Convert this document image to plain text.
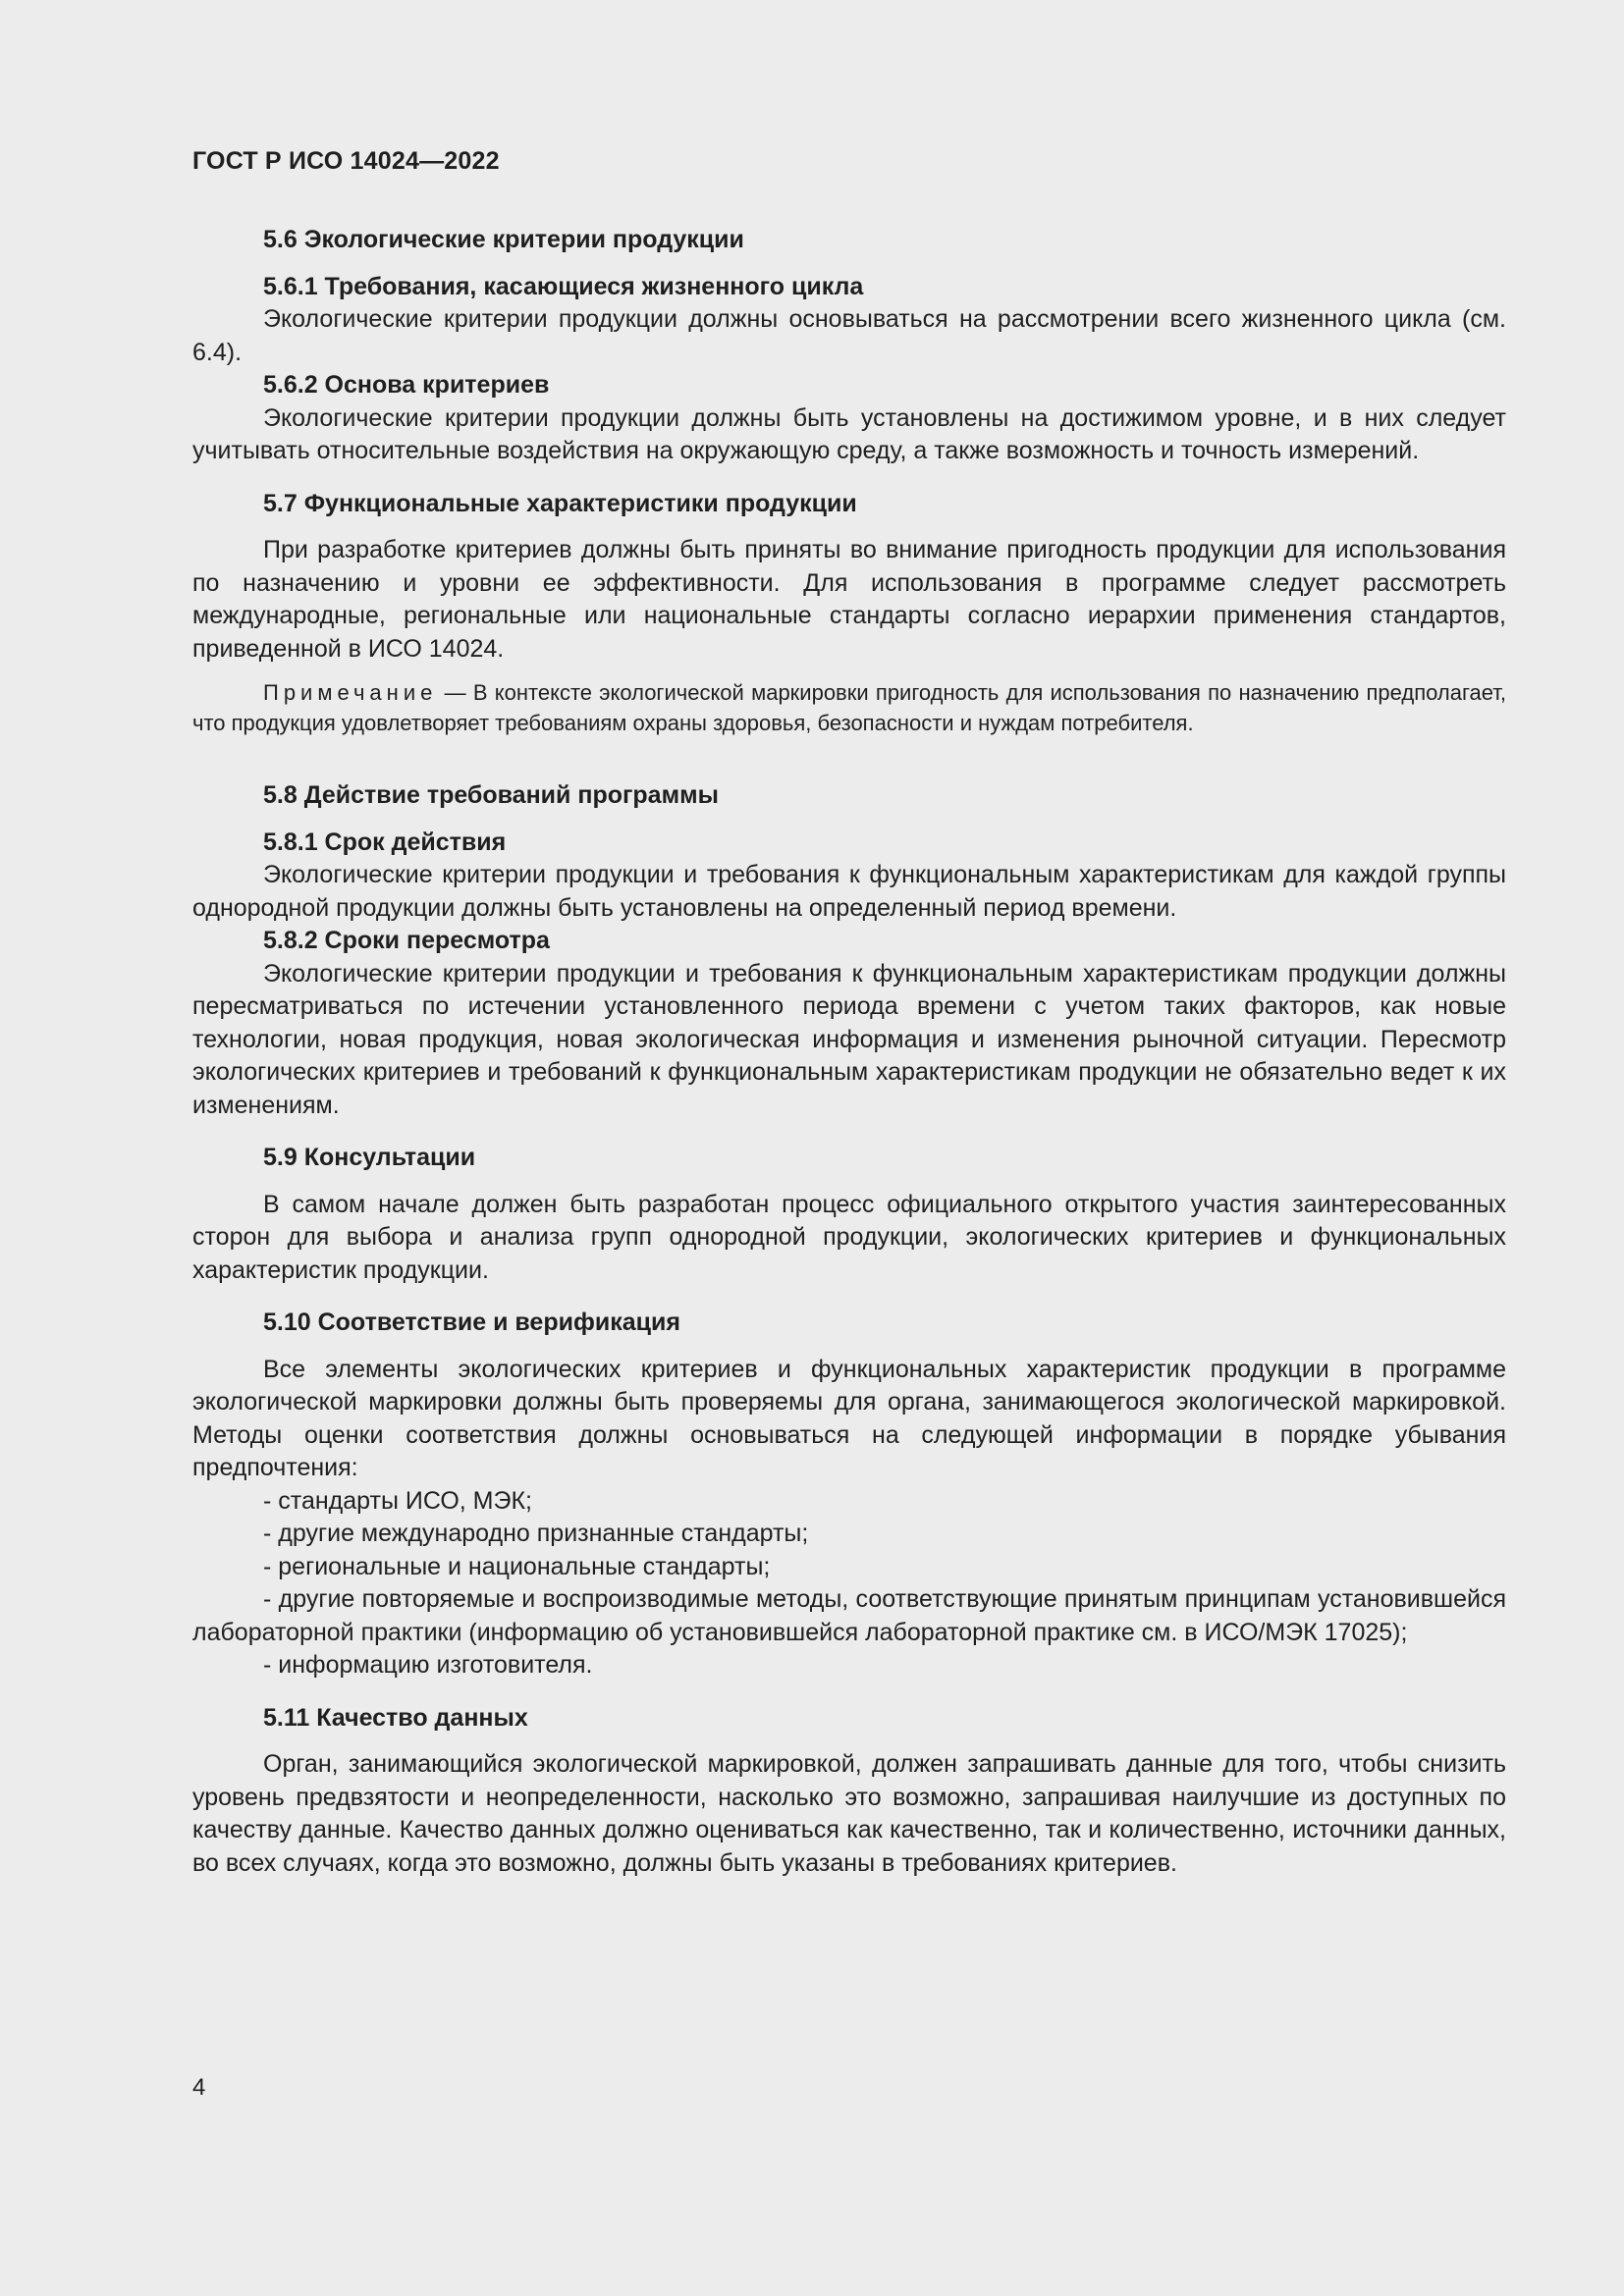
ГОСТ Р ИСО 14024—2022
5.6 Экологические критерии продукции
5.6.1 Требования, касающиеся жизненного цикла

Экологические критерии продукции должны основываться на рассмотрении всего жизненного цикла (см. 6.4).

5.6.2 Основа критериев

Экологические критерии продукции должны быть установлены на достижимом уровне, и в них следует учитывать относительные воздействия на окружающую среду, а также возможность и точность измерений.

5.7 Функциональные характеристики продукции

При разработке критериев должны быть приняты во внимание пригодность продукции для использования по назначению и уровни ее эффективности. Для использования в программе следует рассмотреть международные, региональные или национальные стандарты согласно иерархии применения стандартов, приведенной в ИСО 14024.

Примечание — В контексте экологической маркировки пригодность для использования по назначению предполагает, что продукция удовлетворяет требованиям охраны здоровья, безопасности и нуждам потребителя.
5.8 Действие требований программы
5.8.1 Срок действия

Экологические критерии продукции и требования к функциональным характеристикам для каждой группы однородной продукции должны быть установлены на определенный период времени.

5.8.2 Сроки пересмотра

Экологические критерии продукции и требования к функциональным характеристикам продукции должны пересматриваться по истечении установленного периода времени с учетом таких факторов, как новые технологии, новая продукция, новая экологическая информация и изменения рыночной ситуации. Пересмотр экологических критериев и требований к функциональным характеристикам продукции не обязательно ведет к их изменениям.

5.9 Консультации

В самом начале должен быть разработан процесс официального открытого участия заинтересованных сторон для выбора и анализа групп однородной продукции, экологических критериев и функциональных характеристик продукции.

5.10 Соответствие и верификация

Все элементы экологических критериев и функциональных характеристик продукции в программе экологической маркировки должны быть проверяемы для органа, занимающегося экологической маркировкой. Методы оценки соответствия должны основываться на следующей информации в порядке убывания предпочтения:

- стандарты ИСО, МЭК;
- другие международно признанные стандарты;
- региональные и национальные стандарты;
- другие повторяемые и воспроизводимые методы, соответствующие принятым принципам установившейся лабораторной практики (информацию об установившейся лабораторной практике см. в ИСО/МЭК 17025);
- информацию изготовителя.
5.11 Качество данных

Орган, занимающийся экологической маркировкой, должен запрашивать данные для того, чтобы снизить уровень предвзятости и неопределенности, насколько это возможно, запрашивая наилучшие из доступных по качеству данные. Качество данных должно оцениваться как качественно, так и количественно, источники данных, во всех случаях, когда это возможно, должны быть указаны в требованиях критериев.

4
